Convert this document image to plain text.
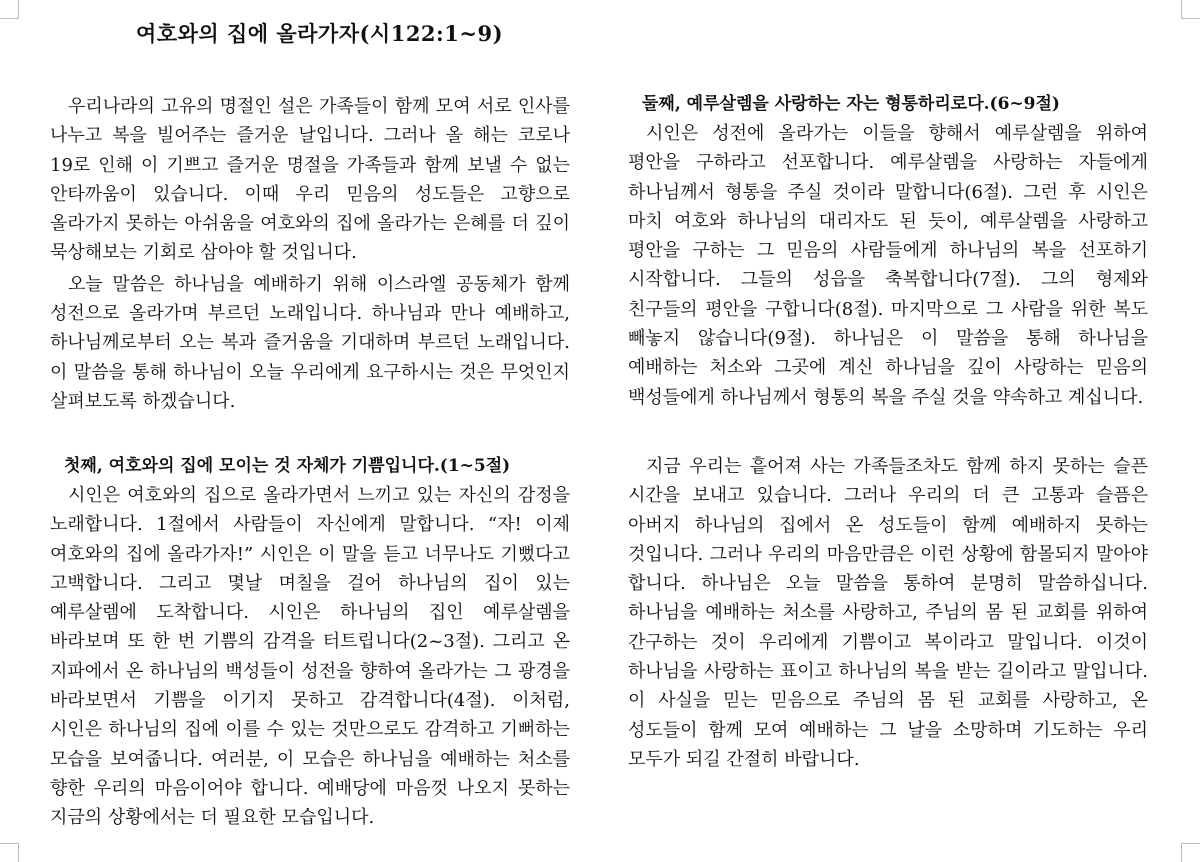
여호와의 집에 올라가자(시122:1~9)

우리나라의 고유의 명절인 설은 가족들이 함께 모여 서로 인사를 나누고 복을 빌어주는 즐거운 날입니다. 그러나 올 해는 코로나 19로 인해 이 기쁘고 즐거운 명절을 가족들과 함께 보낼 수 없는 안타까움이 있습니다. 이때 우리 믿음의 성도들은 고향으로 올라가지 못하는 아쉬움을 여호와의 집에 올라가는 은혜를 더 깊이 묵상해보는 기회로 삼아야 할 것입니다.

오늘 말씀은 하나님을 예배하기 위해 이스라엘 공동체가 함께 성전으로 올라가며 부르던 노래입니다. 하나님과 만나 예배하고, 하나님께로부터 오는 복과 즐거움을 기대하며 부르던 노래입니다. 이 말씀을 통해 하나님이 오늘 우리에게 요구하시는 것은 무엇인지 살펴보도록 하겠습니다.

첫째, 여호와의 집에 모이는 것 자체가 기쁨입니다.(1~5절)

시인은 여호와의 집으로 올라가면서 느끼고 있는 자신의 감정을 노래합니다. 1절에서 사람들이 자신에게 말합니다. “자! 이제 여호와의 집에 올라가자!” 시인은 이 말을 듣고 너무나도 기뻤다고 고백합니다. 그리고 몇날 며칠을 걸어 하나님의 집이 있는 예루살렘에 도착합니다. 시인은 하나님의 집인 예루살렘을 바라보며 또 한 번 기쁨의 감격을 터트립니다(2~3절). 그리고 온 지파에서 온 하나님의 백성들이 성전을 향하여 올라가는 그 광경을 바라보면서 기쁨을 이기지 못하고 감격합니다(4절). 이처럼, 시인은 하나님의 집에 이를 수 있는 것만으로도 감격하고 기뻐하는 모습을 보여줍니다. 여러분, 이 모습은 하나님을 예배하는 처소를 향한 우리의 마음이어야 합니다. 예배당에 마음껏 나오지 못하는 지금의 상황에서는 더 필요한 모습입니다.

둘째, 예루살렘을 사랑하는 자는 형통하리로다.(6~9절)

시인은 성전에 올라가는 이들을 향해서 예루살렘을 위하여 평안을 구하라고 선포합니다. 예루살렘을 사랑하는 자들에게 하나님께서 형통을 주실 것이라 말합니다(6절). 그런 후 시인은 마치 여호와 하나님의 대리자도 된 듯이, 예루살렘을 사랑하고 평안을 구하는 그 믿음의 사람들에게 하나님의 복을 선포하기 시작합니다. 그들의 성읍을 축복합니다(7절). 그의 형제와 친구들의 평안을 구합니다(8절). 마지막으로 그 사람을 위한 복도 빼놓지 않습니다(9절). 하나님은 이 말씀을 통해 하나님을 예배하는 처소와 그곳에 계신 하나님을 깊이 사랑하는 믿음의 백성들에게 하나님께서 형통의 복을 주실 것을 약속하고 계십니다.

지금 우리는 흩어져 사는 가족들조차도 함께 하지 못하는 슬픈 시간을 보내고 있습니다. 그러나 우리의 더 큰 고통과 슬픔은 아버지 하나님의 집에서 온 성도들이 함께 예배하지 못하는 것입니다. 그러나 우리의 마음만큼은 이런 상황에 함몰되지 말아야 합니다. 하나님은 오늘 말씀을 통하여 분명히 말씀하십니다. 하나님을 예배하는 처소를 사랑하고, 주님의 몸 된 교회를 위하여 간구하는 것이 우리에게 기쁨이고 복이라고 말입니다. 이것이 하나님을 사랑하는 표이고 하나님의 복을 받는 길이라고 말입니다. 이 사실을 믿는 믿음으로 주님의 몸 된 교회를 사랑하고, 온 성도들이 함께 모여 예배하는 그 날을 소망하며 기도하는 우리 모두가 되길 간절히 바랍니다.
